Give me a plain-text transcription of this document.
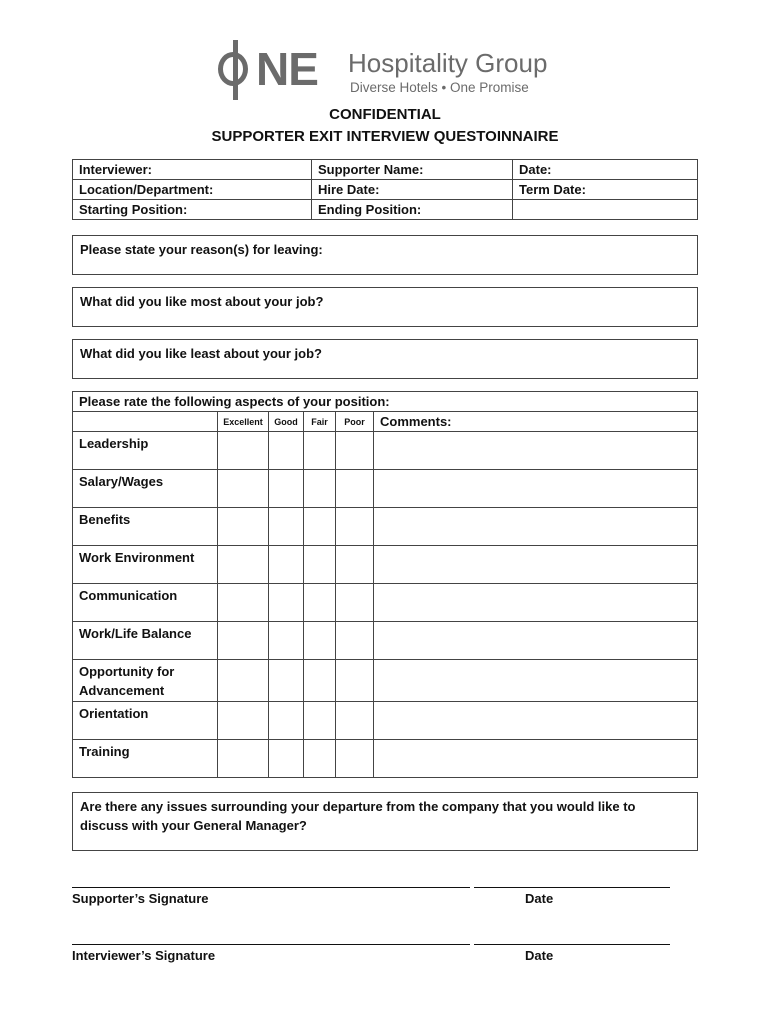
NE Hospitality Group
Diverse Hotels • One Promise
CONFIDENTIAL
SUPPORTER EXIT INTERVIEW QUESTOINNAIRE
Interviewer:	Supporter Name:	Date:
Location/Department:	Hire Date:	Term Date:
Starting Position:	Ending Position:	
Please state your reason(s) for leaving:
What did you like most about your job?
What did you like least about your job?
Please rate the following aspects of your position:					
	Excellent	Good	Fair	Poor	Comments:
Leadership					
Salary/Wages					
Benefits					
Work Environment					
Communication					
Work/Life Balance					
Opportunity for Advancement					
Orientation					
Training					
Are there any issues surrounding your departure from the company that you would like to discuss with your General Manager?
Supporter’s Signature	Date
Interviewer’s Signature	Date
